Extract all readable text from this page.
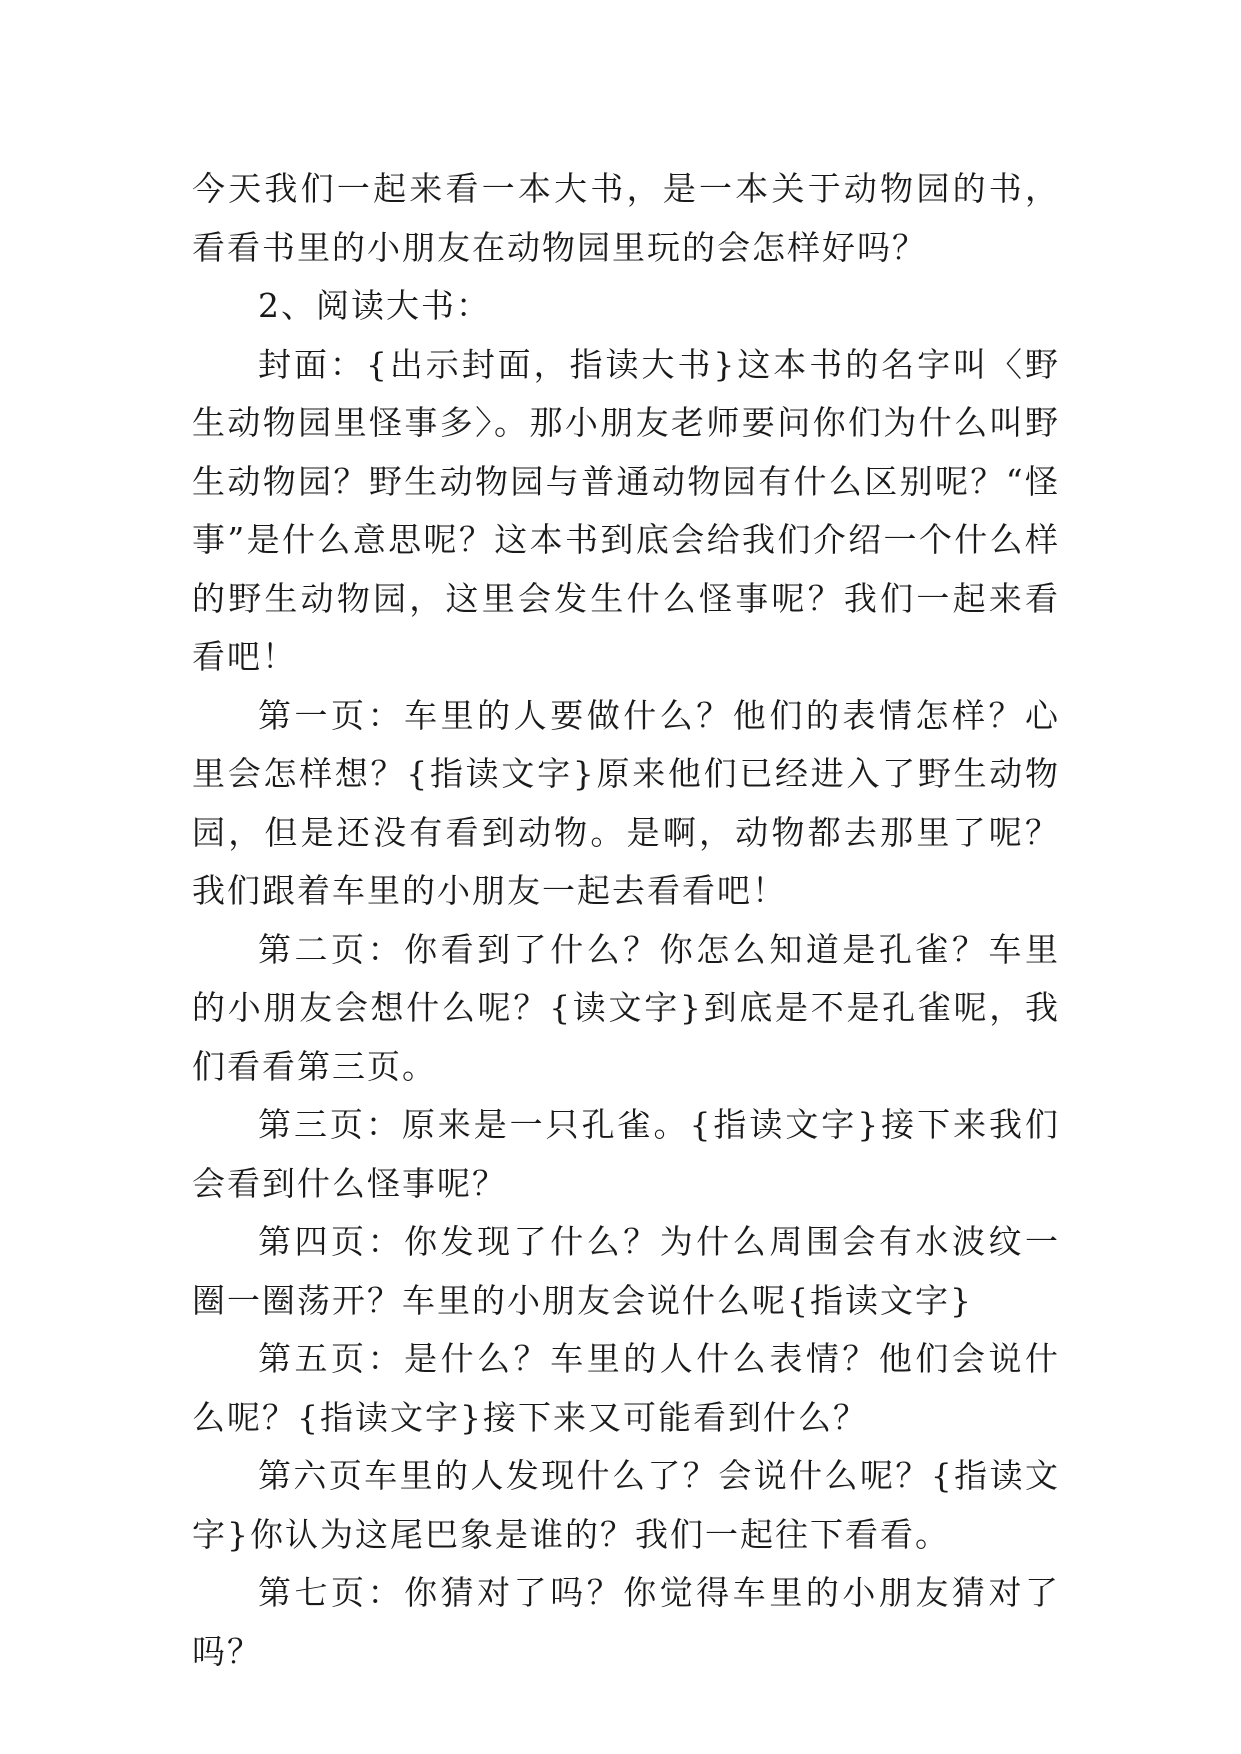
今天我们一起来看一本大书，是一本关于动物园的书，看看书里的小朋友在动物园里玩的会怎样好吗？

2、阅读大书：

封面：{出示封面，指读大书}这本书的名字叫〈野生动物园里怪事多〉。那小朋友老师要问你们为什么叫野生动物园？野生动物园与普通动物园有什么区别呢？“怪事”是什么意思呢？这本书到底会给我们介绍一个什么样的野生动物园，这里会发生什么怪事呢？我们一起来看看吧！

第一页：车里的人要做什么？他们的表情怎样？心里会怎样想？{指读文字}原来他们已经进入了野生动物园，但是还没有看到动物。是啊，动物都去那里了呢？我们跟着车里的小朋友一起去看看吧！

第二页：你看到了什么？你怎么知道是孔雀？车里的小朋友会想什么呢？{读文字}到底是不是孔雀呢，我们看看第三页。

第三页：原来是一只孔雀。{指读文字}接下来我们会看到什么怪事呢？

第四页：你发现了什么？为什么周围会有水波纹一圈一圈荡开？车里的小朋友会说什么呢{指读文字}

第五页：是什么？车里的人什么表情？他们会说什么呢？{指读文字}接下来又可能看到什么？

第六页车里的人发现什么了？会说什么呢？{指读文字}你认为这尾巴象是谁的？我们一起往下看看。

第七页：你猜对了吗？你觉得车里的小朋友猜对了吗？
